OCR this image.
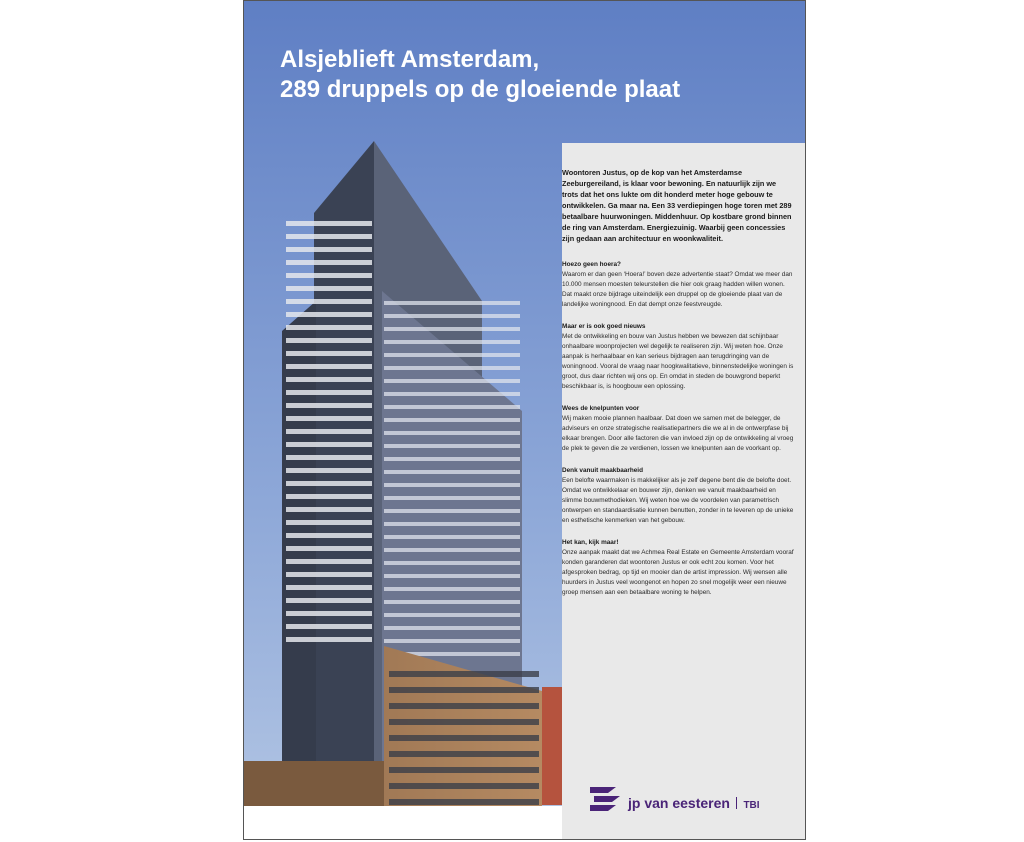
Alsjeblieft Amsterdam,
289 druppels op de gloeiende plaat

Woontoren Justus, op de kop van het Amsterdamse Zeeburgereiland, is klaar voor bewoning. En natuurlijk zijn we trots dat het ons lukte om dit honderd meter hoge gebouw te ontwikkelen. Ga maar na. Een 33 verdiepingen hoge toren met 289 betaalbare huurwoningen. Middenhuur. Op kostbare grond binnen de ring van Amsterdam. Energiezuinig. Waarbij geen concessies zijn gedaan aan architectuur en woonkwaliteit.

Hoezo geen hoera?

Waarom er dan geen ‘Hoera!’ boven deze advertentie staat? Omdat we meer dan 10.000 mensen moesten teleurstellen die hier ook graag hadden willen wonen. Dat maakt onze bijdrage uiteindelijk een druppel op de gloeiende plaat van de landelijke woningnood. En dat dempt onze feestvreugde.

Maar er is ook goed nieuws

Met de ontwikkeling en bouw van Justus hebben we bewezen dat schijnbaar onhaalbare woonprojecten wel degelijk te realiseren zijn. Wij weten hoe. Onze aanpak is herhaalbaar en kan serieus bijdragen aan terugdringing van de woningnood. Vooral de vraag naar hoogkwalitatieve, binnenstedelijke woningen is groot, dus daar richten wij ons op. En omdat in steden de bouwgrond beperkt beschikbaar is, is hoogbouw een oplossing.

Wees de knelpunten voor

Wij maken mooie plannen haalbaar. Dat doen we samen met de belegger, de adviseurs en onze strategische realisatiepartners die we al in de ontwerpfase bij elkaar brengen. Door alle factoren die van invloed zijn op de ontwikkeling al vroeg de plek te geven die ze verdienen, lossen we knelpunten aan de voorkant op.

Denk vanuit maakbaarheid

Een belofte waarmaken is makkelijker als je zelf degene bent die de belofte doet. Omdat we ontwikkelaar en bouwer zijn, denken we vanuit maakbaarheid en slimme bouwmethodieken. Wij weten hoe we de voordelen van parametrisch ontwerpen en standaardisatie kunnen benutten, zonder in te leveren op de unieke en esthetische kenmerken van het gebouw.

Het kan, kijk maar!

Onze aanpak maakt dat we Achmea Real Estate en Gemeente Amsterdam vooraf konden garanderen dat woontoren Justus er ook echt zou komen. Voor het afgesproken bedrag, op tijd en mooier dan de artist impression. Wij wensen alle huurders in Justus veel woongenot en hopen zo snel mogelijk weer een nieuwe groep mensen aan een betaalbare woning te helpen.

jp van eesteren TBI
